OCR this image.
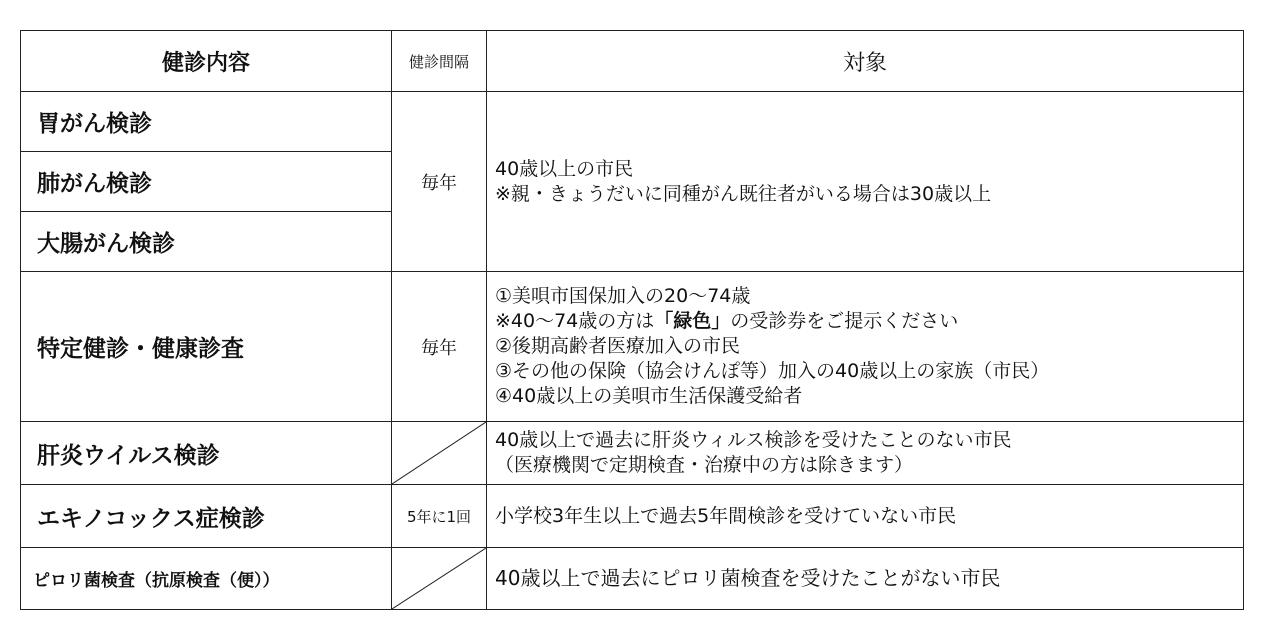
健診内容	健診間隔	対象
胃がん検診	毎年	40歳以上の市民
※親・きょうだいに同種がん既往者がいる場合は30歳以上

肺がん検診		
大腸がん検診		
特定健診・健康診査	毎年	①美唄市国保加入の20～74歳
※40～74歳の方は「緑色」の受診券をご提示ください
②後期高齢者医療加入の市民
③その他の保険（協会けんぽ等）加入の40歳以上の家族（市民）
④40歳以上の美唄市生活保護受給者

肝炎ウイルス検診		40歳以上で過去に肝炎ウィルス検診を受けたことのない市民
（医療機関で定期検査・治療中の方は除きます）

エキノコックス症検診	5年に1回	小学校3年生以上で過去5年間検診を受けていない市民
ピロリ菌検査（抗原検査（便））		40歳以上で過去にピロリ菌検査を受けたことがない市民
